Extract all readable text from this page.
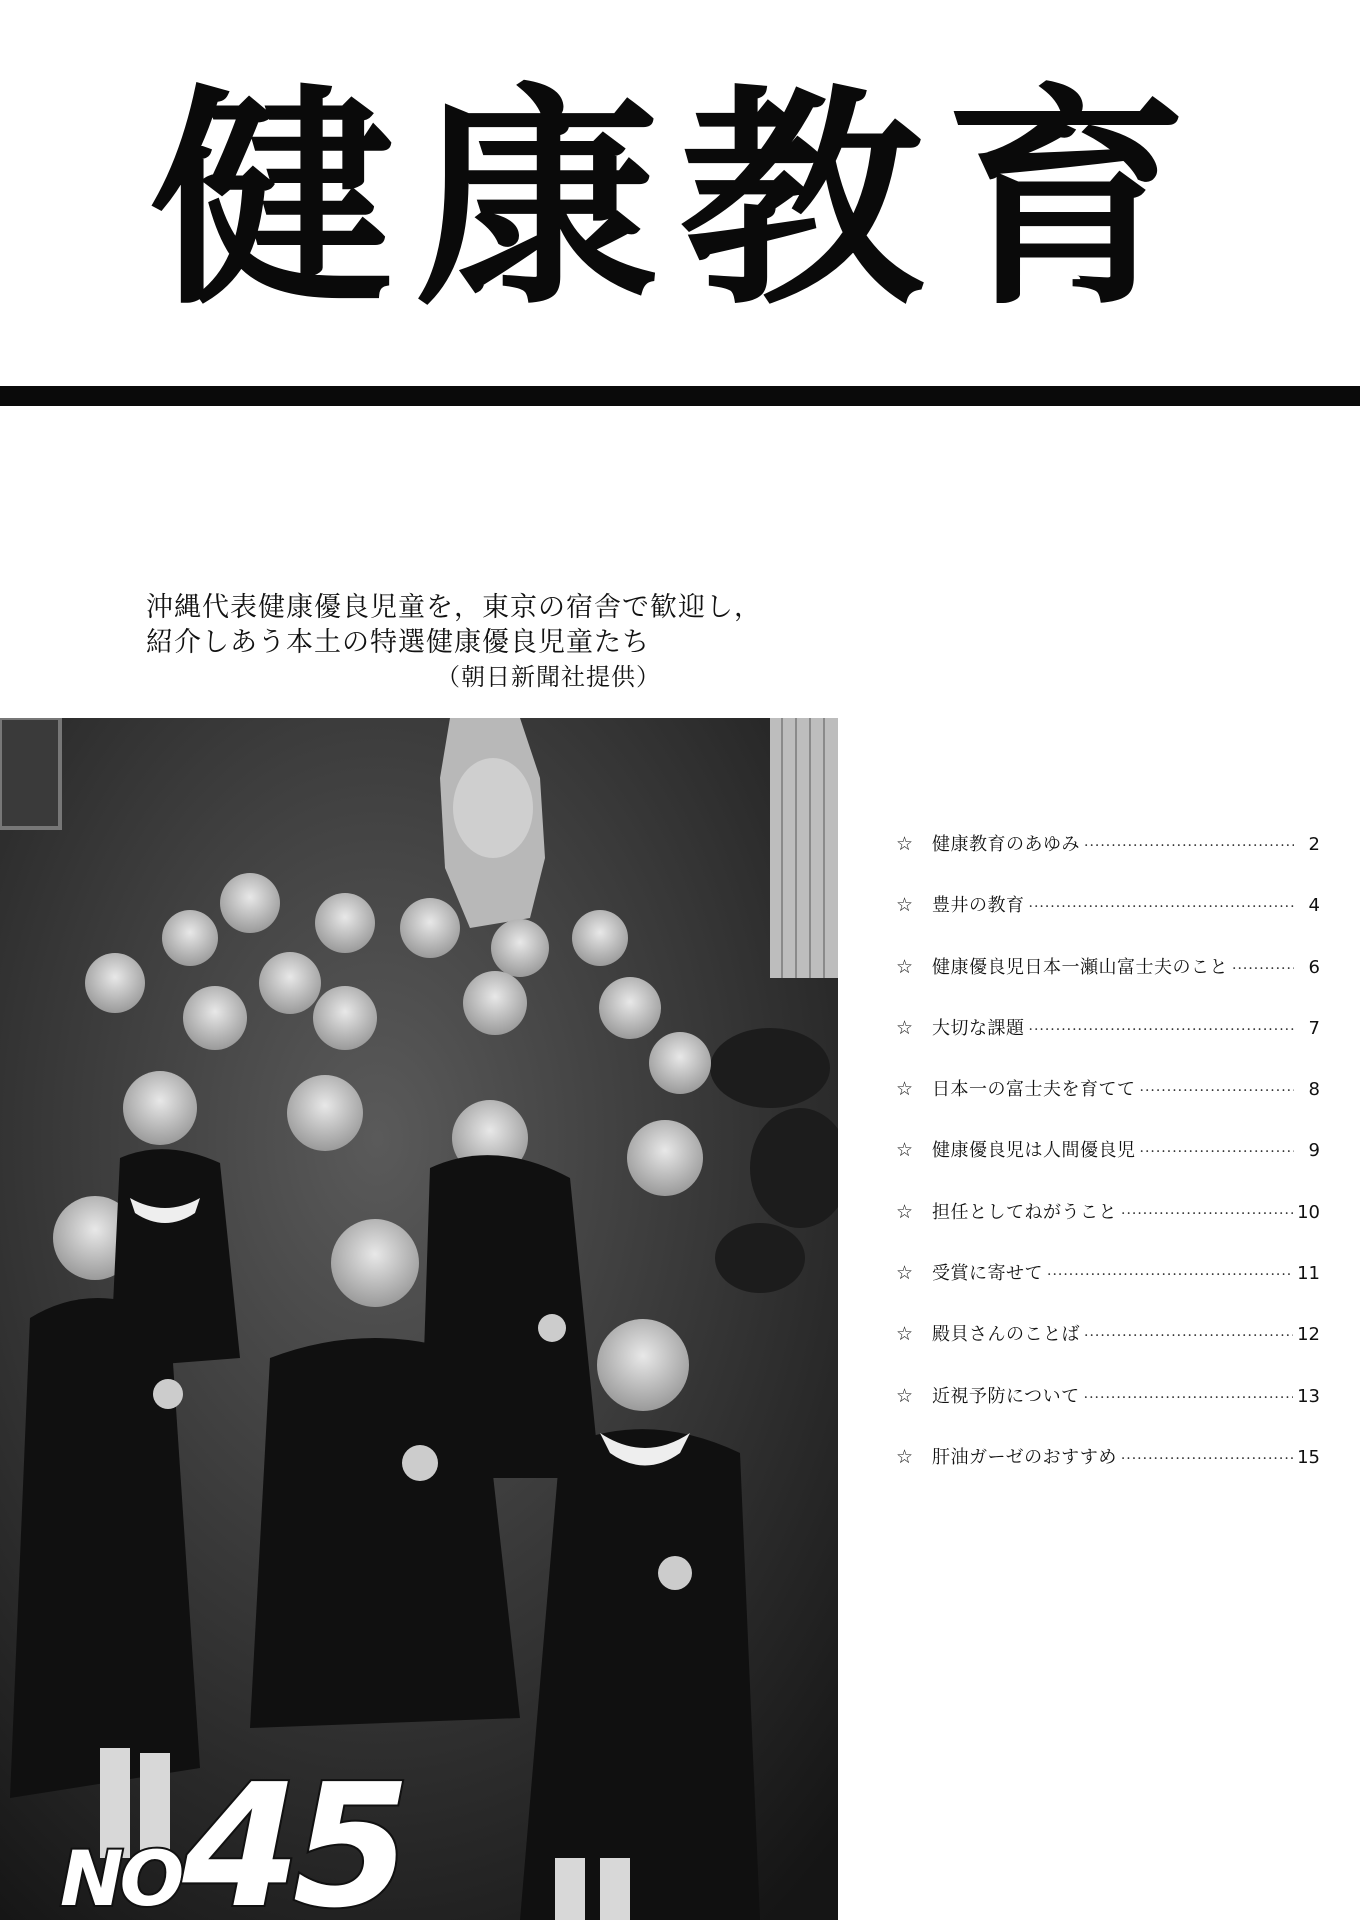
健康教育
沖縄代表健康優良児童を，東京の宿舎で歓迎し，
紹介しあう本土の特選健康優良児童たち

（朝日新聞社提供）
NO45
☆	健康教育のあゆみ ·····	2
☆	豊井の教育 ·····	4
☆	健康優良児日本一瀬山富士夫のこと ·····	6
☆	大切な課題 ·····	7
☆	日本一の富士夫を育てて ·····	8
☆	健康優良児は人間優良児 ·····	9
☆	担任としてねがうこと ·····	10
☆	受賞に寄せて ·····	11
☆	殿貝さんのことば ·····	12
☆	近視予防について ·····	13
☆	肝油ガーゼのおすすめ ·····	15
